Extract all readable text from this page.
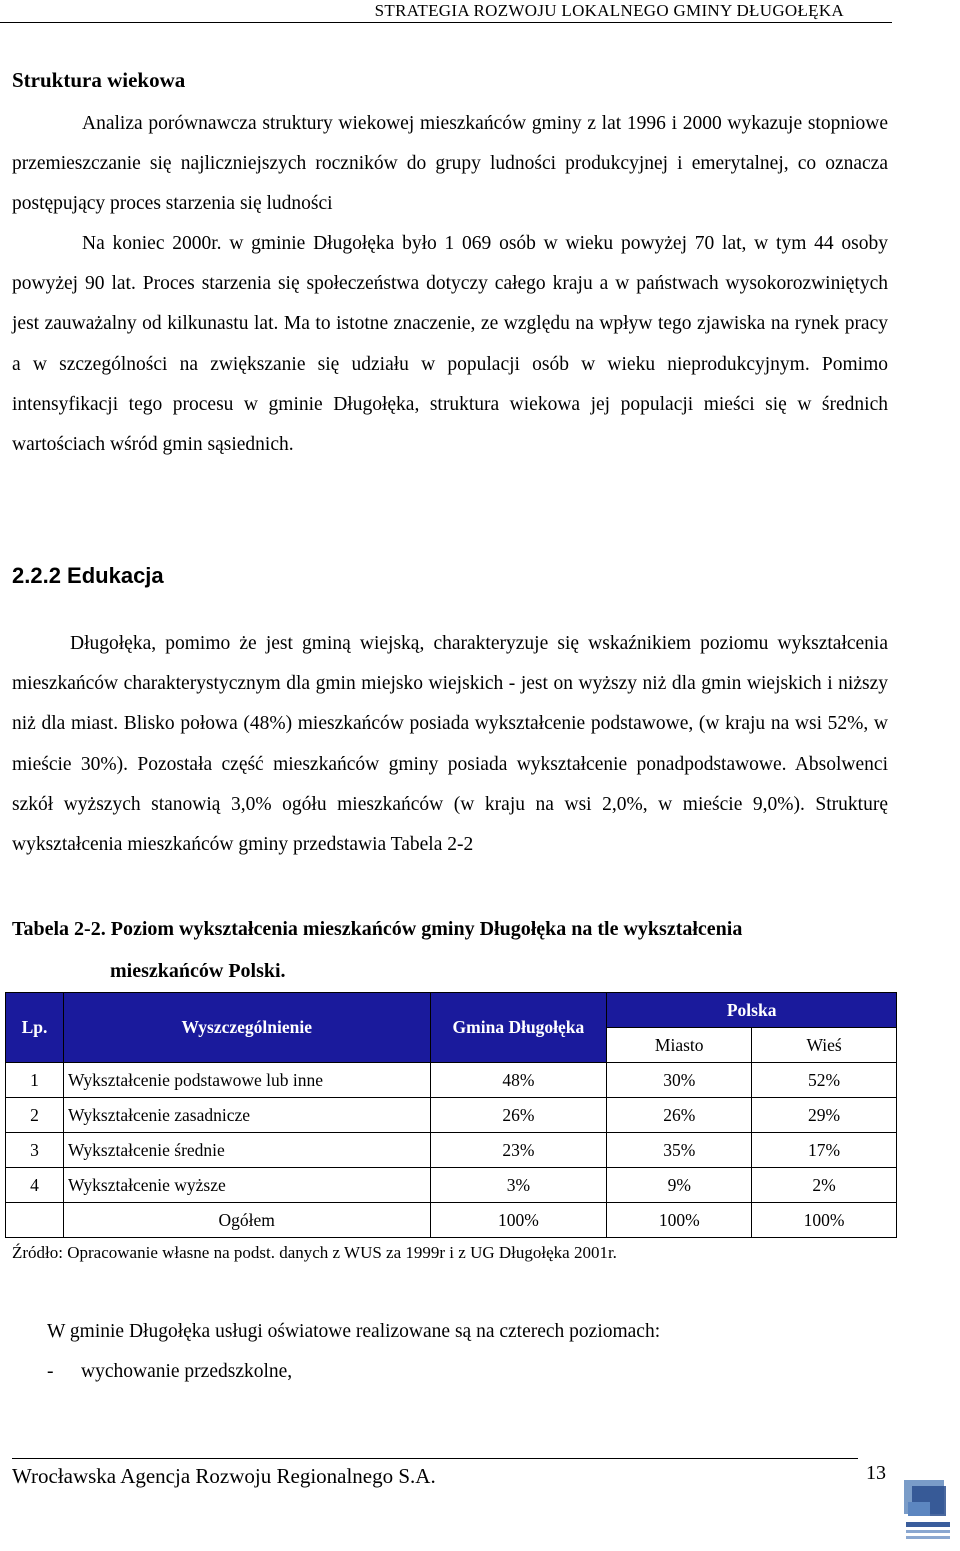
STRATEGIA ROZWOJU LOKALNEGO GMINY DŁUGOŁĘKA
Struktura wiekowa
Analiza porównawcza struktury wiekowej mieszkańców gminy z lat 1996 i 2000 wykazuje stopniowe przemieszczanie się najliczniejszych roczników do grupy ludności produkcyjnej i emerytalnej, co oznacza postępujący proces starzenia się ludności
Na koniec 2000r. w gminie Długołęka było 1 069 osób w wieku powyżej 70 lat, w tym 44 osoby powyżej 90 lat. Proces starzenia się społeczeństwa dotyczy całego kraju a w państwach wysokorozwiniętych jest zauważalny od kilkunastu lat. Ma to istotne znaczenie, ze względu na wpływ tego zjawiska na rynek pracy a w szczególności na zwiększanie się udziału w populacji osób w wieku nieprodukcyjnym. Pomimo intensyfikacji tego procesu w gminie Długołęka, struktura wiekowa jej populacji mieści się w średnich wartościach wśród gmin sąsiednich.
2.2.2 Edukacja
Długołęka, pomimo że jest gminą wiejską, charakteryzuje się wskaźnikiem poziomu wykształcenia mieszkańców charakterystycznym dla gmin miejsko wiejskich - jest on wyższy niż dla gmin wiejskich i niższy niż dla miast. Blisko połowa (48%) mieszkańców posiada wykształcenie podstawowe, (w kraju na wsi 52%, w mieście 30%). Pozostała część mieszkańców gminy posiada wykształcenie ponadpodstawowe. Absolwenci szkół wyższych stanowią 3,0% ogółu mieszkańców (w kraju na wsi 2,0%, w mieście 9,0%). Strukturę wykształcenia mieszkańców gminy przedstawia Tabela 2-2
Tabela 2-2. Poziom wykształcenia mieszkańców gminy Długołęka na tle wykształcenia
mieszkańców Polski.
Lp.	Wyszczególnienie	Gmina Długołęka	Polska	
			Miasto	Wieś
1	Wykształcenie podstawowe lub inne	48%	30%	52%
2	Wykształcenie zasadnicze	26%	26%	29%
3	Wykształcenie średnie	23%	35%	17%
4	Wykształcenie wyższe	3%	9%	2%
	Ogółem	100%	100%	100%
Źródło: Opracowanie własne na podst. danych z WUS za 1999r i z UG Długołęka 2001r.
W gminie Długołęka usługi oświatowe realizowane są na czterech poziomach:
- wychowanie przedszkolne,
Wrocławska Agencja Rozwoju Regionalnego S.A.	13
